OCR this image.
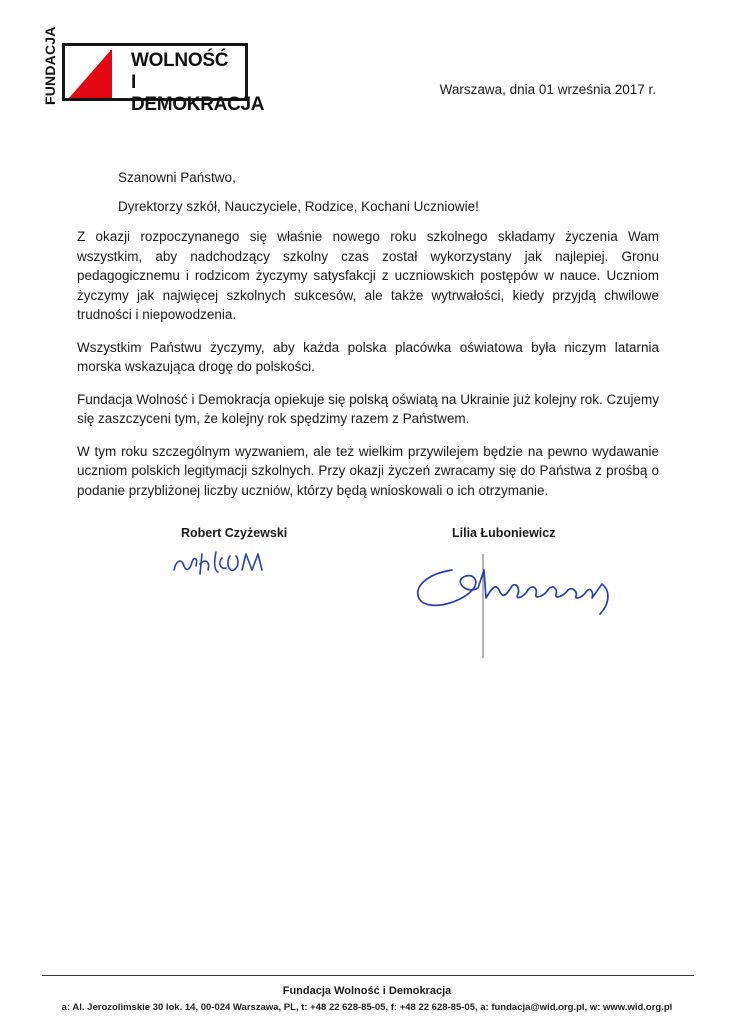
FUNDACJA	WOLNOŚĆ
I DEMOKRACJA
Warszawa, dnia 01 września 2017 r.
Szanowni Państwo,
Dyrektorzy szkół, Nauczyciele, Rodzice, Kochani Uczniowie!

Z okazji rozpoczynanego się właśnie nowego roku szkolnego składamy życzenia Wam wszystkim, aby nadchodzący szkolny czas został wykorzystany jak najlepiej. Gronu pedagogicznemu i rodzicom życzymy satysfakcji z uczniowskich postępów w nauce. Uczniom życzymy jak najwięcej szkolnych sukcesów, ale także wytrwałości, kiedy przyjdą chwilowe trudności i niepowodzenia.

Wszystkim Państwu życzymy, aby każda polska placówka oświatowa była niczym latarnia morska wskazująca drogę do polskości.

Fundacja Wolność i Demokracja opiekuje się polską oświatą na Ukrainie już kolejny rok. Czujemy się zaszczyceni tym, że kolejny rok spędzimy razem z Państwem.

W tym roku szczególnym wyzwaniem, ale też wielkim przywilejem będzie na pewno wydawanie uczniom polskich legitymacji szkolnych. Przy okazji życzeń zwracamy się do Państwa z prośbą o podanie przybliżonej liczby uczniów, którzy będą wnioskowali o ich otrzymanie.

Robert Czyżewski	Lilia Łuboniewicz
Fundacja Wolność i Demokracja
a: Al. Jerozolimskie 30 lok. 14, 00-024 Warszawa, PL, t: +48 22 628-85-05, f: +48 22 628-85-05, a: fundacja@wid.org.pl, w: www.wid.org.pl
